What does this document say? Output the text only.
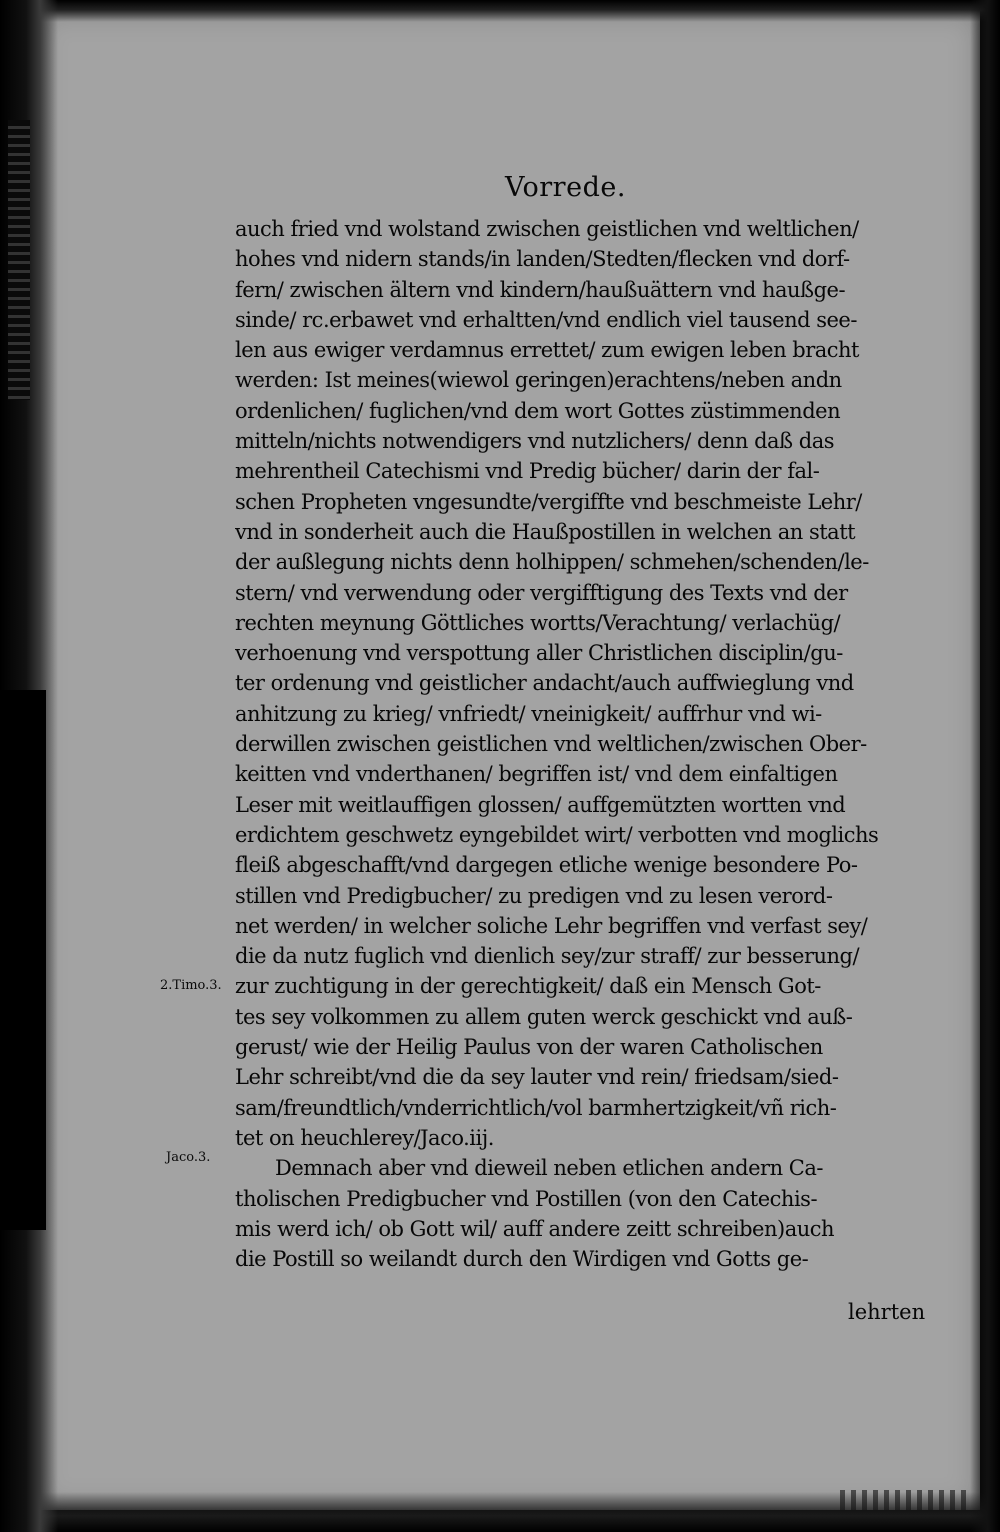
Vorrede.
auch fried vnd wolstand zwischen geistlichen vnd weltlichen/
hohes vnd nidern stands/in landen/Stedten/flecken vnd dorf-
fern/ zwischen ältern vnd kindern/haußuättern vnd haußge-
sinde/ rc.erbawet vnd erhaltten/vnd endlich viel tausend see-
len aus ewiger verdamnus errettet/ zum ewigen leben bracht
werden: Ist meines(wiewol geringen)erachtens/neben andn
ordenlichen/ fuglichen/vnd dem wort Gottes züstimmenden
mitteln/nichts notwendigers vnd nutzlichers/ denn daß das
mehrentheil Catechismi vnd Predig bücher/ darin der fal-
schen Propheten vngesundte/vergiffte vnd beschmeiste Lehr/
vnd in sonderheit auch die Haußpostillen in welchen an statt
der außlegung nichts denn holhippen/ schmehen/schenden/le-
stern/ vnd verwendung oder vergifftigung des Texts vnd der
rechten meynung Göttliches wortts/Verachtung/ verlachüg/
verhoenung vnd verspottung aller Christlichen disciplin/gu-
ter ordenung vnd geistlicher andacht/auch auffwieglung vnd
anhitzung zu krieg/ vnfriedt/ vneinigkeit/ auffrhur vnd wi-
derwillen zwischen geistlichen vnd weltlichen/zwischen Ober-
keitten vnd vnderthanen/ begriffen ist/ vnd dem einfaltigen
Leser mit weitlauffigen glossen/ auffgemützten wortten vnd
erdichtem geschwetz eyngebildet wirt/ verbotten vnd moglichs
fleiß abgeschafft/vnd dargegen etliche wenige besondere Po-
stillen vnd Predigbucher/ zu predigen vnd zu lesen verord-
net werden/ in welcher soliche Lehr begriffen vnd verfast sey/
die da nutz fuglich vnd dienlich sey/zur straff/ zur besserung/
zur zuchtigung in der gerechtigkeit/ daß ein Mensch Got-
tes sey volkommen zu allem guten werck geschickt vnd auß-
gerust/ wie der Heilig Paulus von der waren Catholischen
Lehr schreibt/vnd die da sey lauter vnd rein/ friedsam/sied-
sam/freundtlich/vnderrichtlich/vol barmhertzigkeit/vñ rich-
tet on heuchlerey/Jaco.iij.
Demnach aber vnd dieweil neben etlichen andern Ca-
tholischen Predigbucher vnd Postillen (von den Catechis-
mis werd ich/ ob Gott wil/ auff andere zeitt schreiben)auch
die Postill so weilandt durch den Wirdigen vnd Gotts ge-
2.Timo.3.
Jaco.3.
lehrten
